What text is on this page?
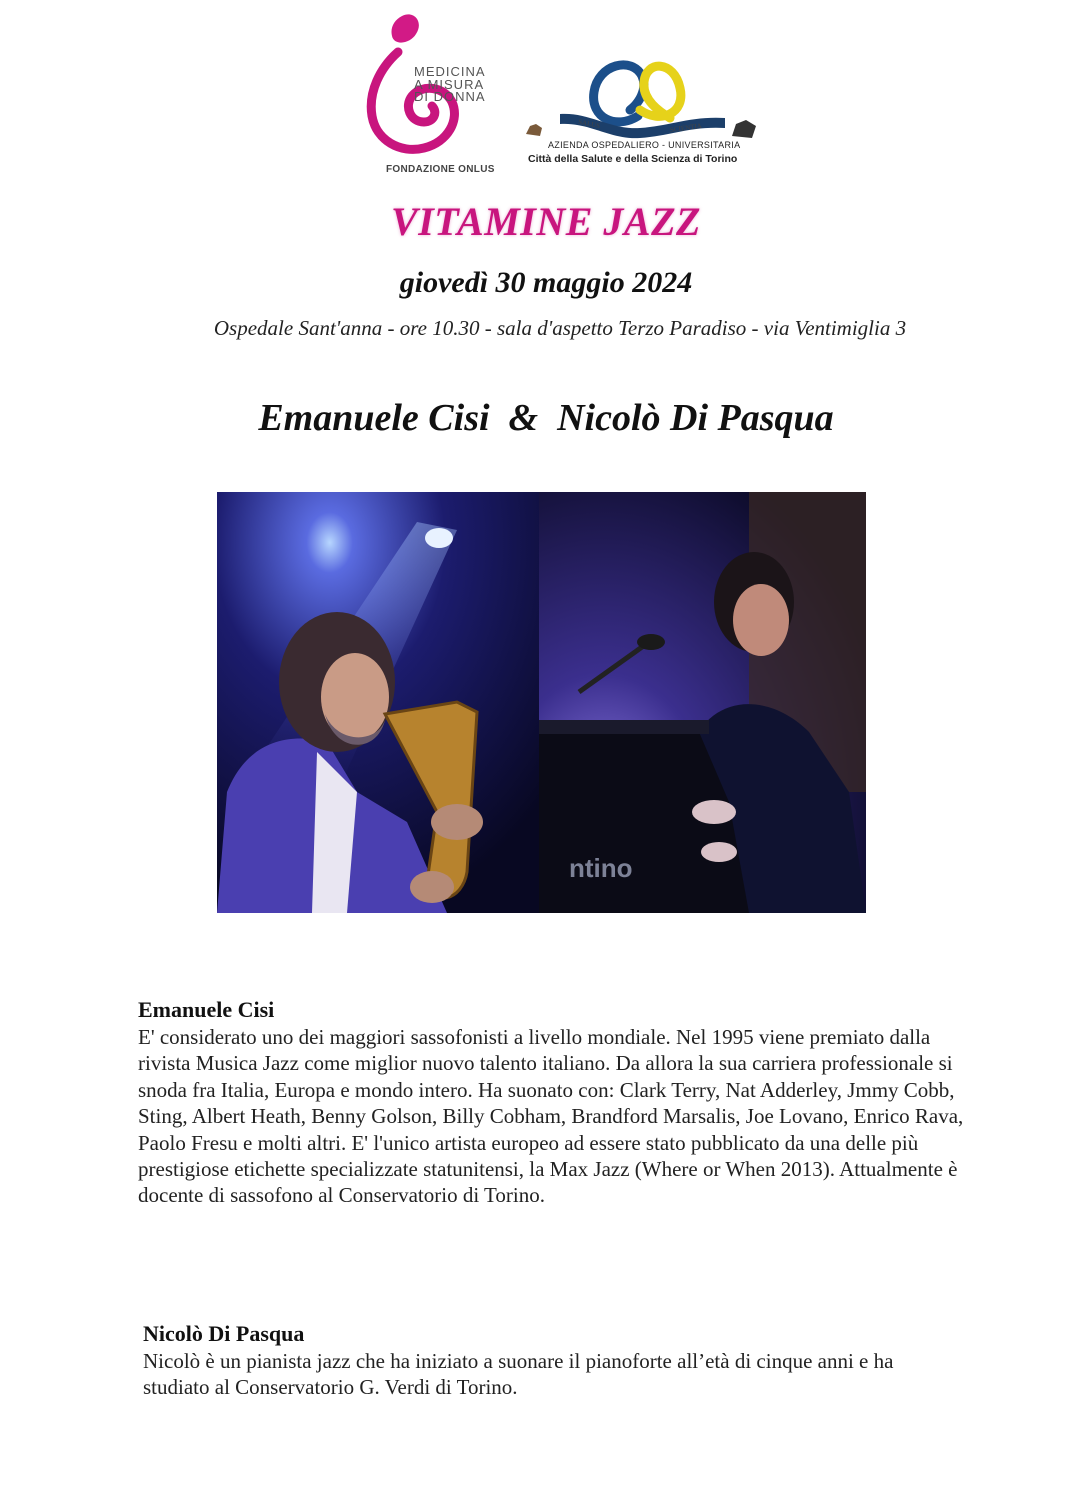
MEDICINA
A MISURA
DI DONNA
FONDAZIONE ONLUS
SALUS	SCIENTIA
AZIENDA OSPEDALIERO - UNIVERSITARIA
Città della Salute e della Scienza di Torino
VITAMINE JAZZ
giovedì 30 maggio 2024
Ospedale Sant'anna - ore 10.30 - sala d'aspetto Terzo Paradiso - via Ventimiglia 3
Emanuele Cisi  &  Nicolò Di Pasqua
ntino
Emanuele Cisi

E' considerato uno dei maggiori sassofonisti a livello mondiale. Nel 1995 viene premiato dalla rivista Musica Jazz come miglior nuovo talento italiano. Da allora la sua carriera professionale si snoda fra Italia, Europa e mondo intero. Ha suonato con: Clark Terry, Nat Adderley, Jmmy Cobb, Sting, Albert Heath, Benny Golson, Billy Cobham, Brandford Marsalis, Joe Lovano, Enrico Rava, Paolo Fresu e molti altri. E' l'unico artista europeo ad essere stato pubblicato da una delle più prestigiose etichette specializzate statunitensi, la Max Jazz (Where or When 2013). Attualmente è docente di sassofono al Conservatorio di Torino.

Nicolò Di Pasqua

Nicolò è un pianista jazz che ha iniziato a suonare il pianoforte all’età di cinque anni e ha studiato al Conservatorio G. Verdi di Torino.
